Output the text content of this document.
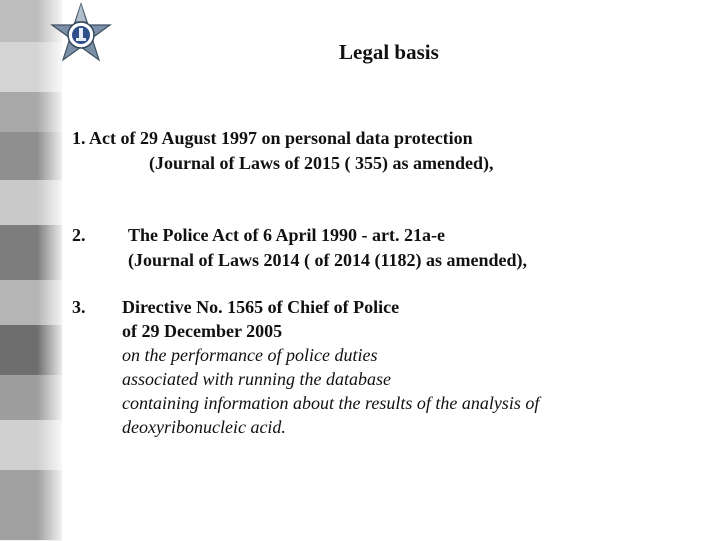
Legal basis
1. Act of 29 August 1997 on personal data protection
(Journal of Laws of 2015 ( 355) as amended),
2. The Police Act of 6 April 1990 - art. 21a-e
(Journal of Laws 2014 ( of 2014 (1182) as amended),
3. Directive No. 1565 of Chief of Police
of 29 December 2005
on the performance of police duties
associated with running the database
containing information about the results of the analysis of
deoxyribonucleic acid.
